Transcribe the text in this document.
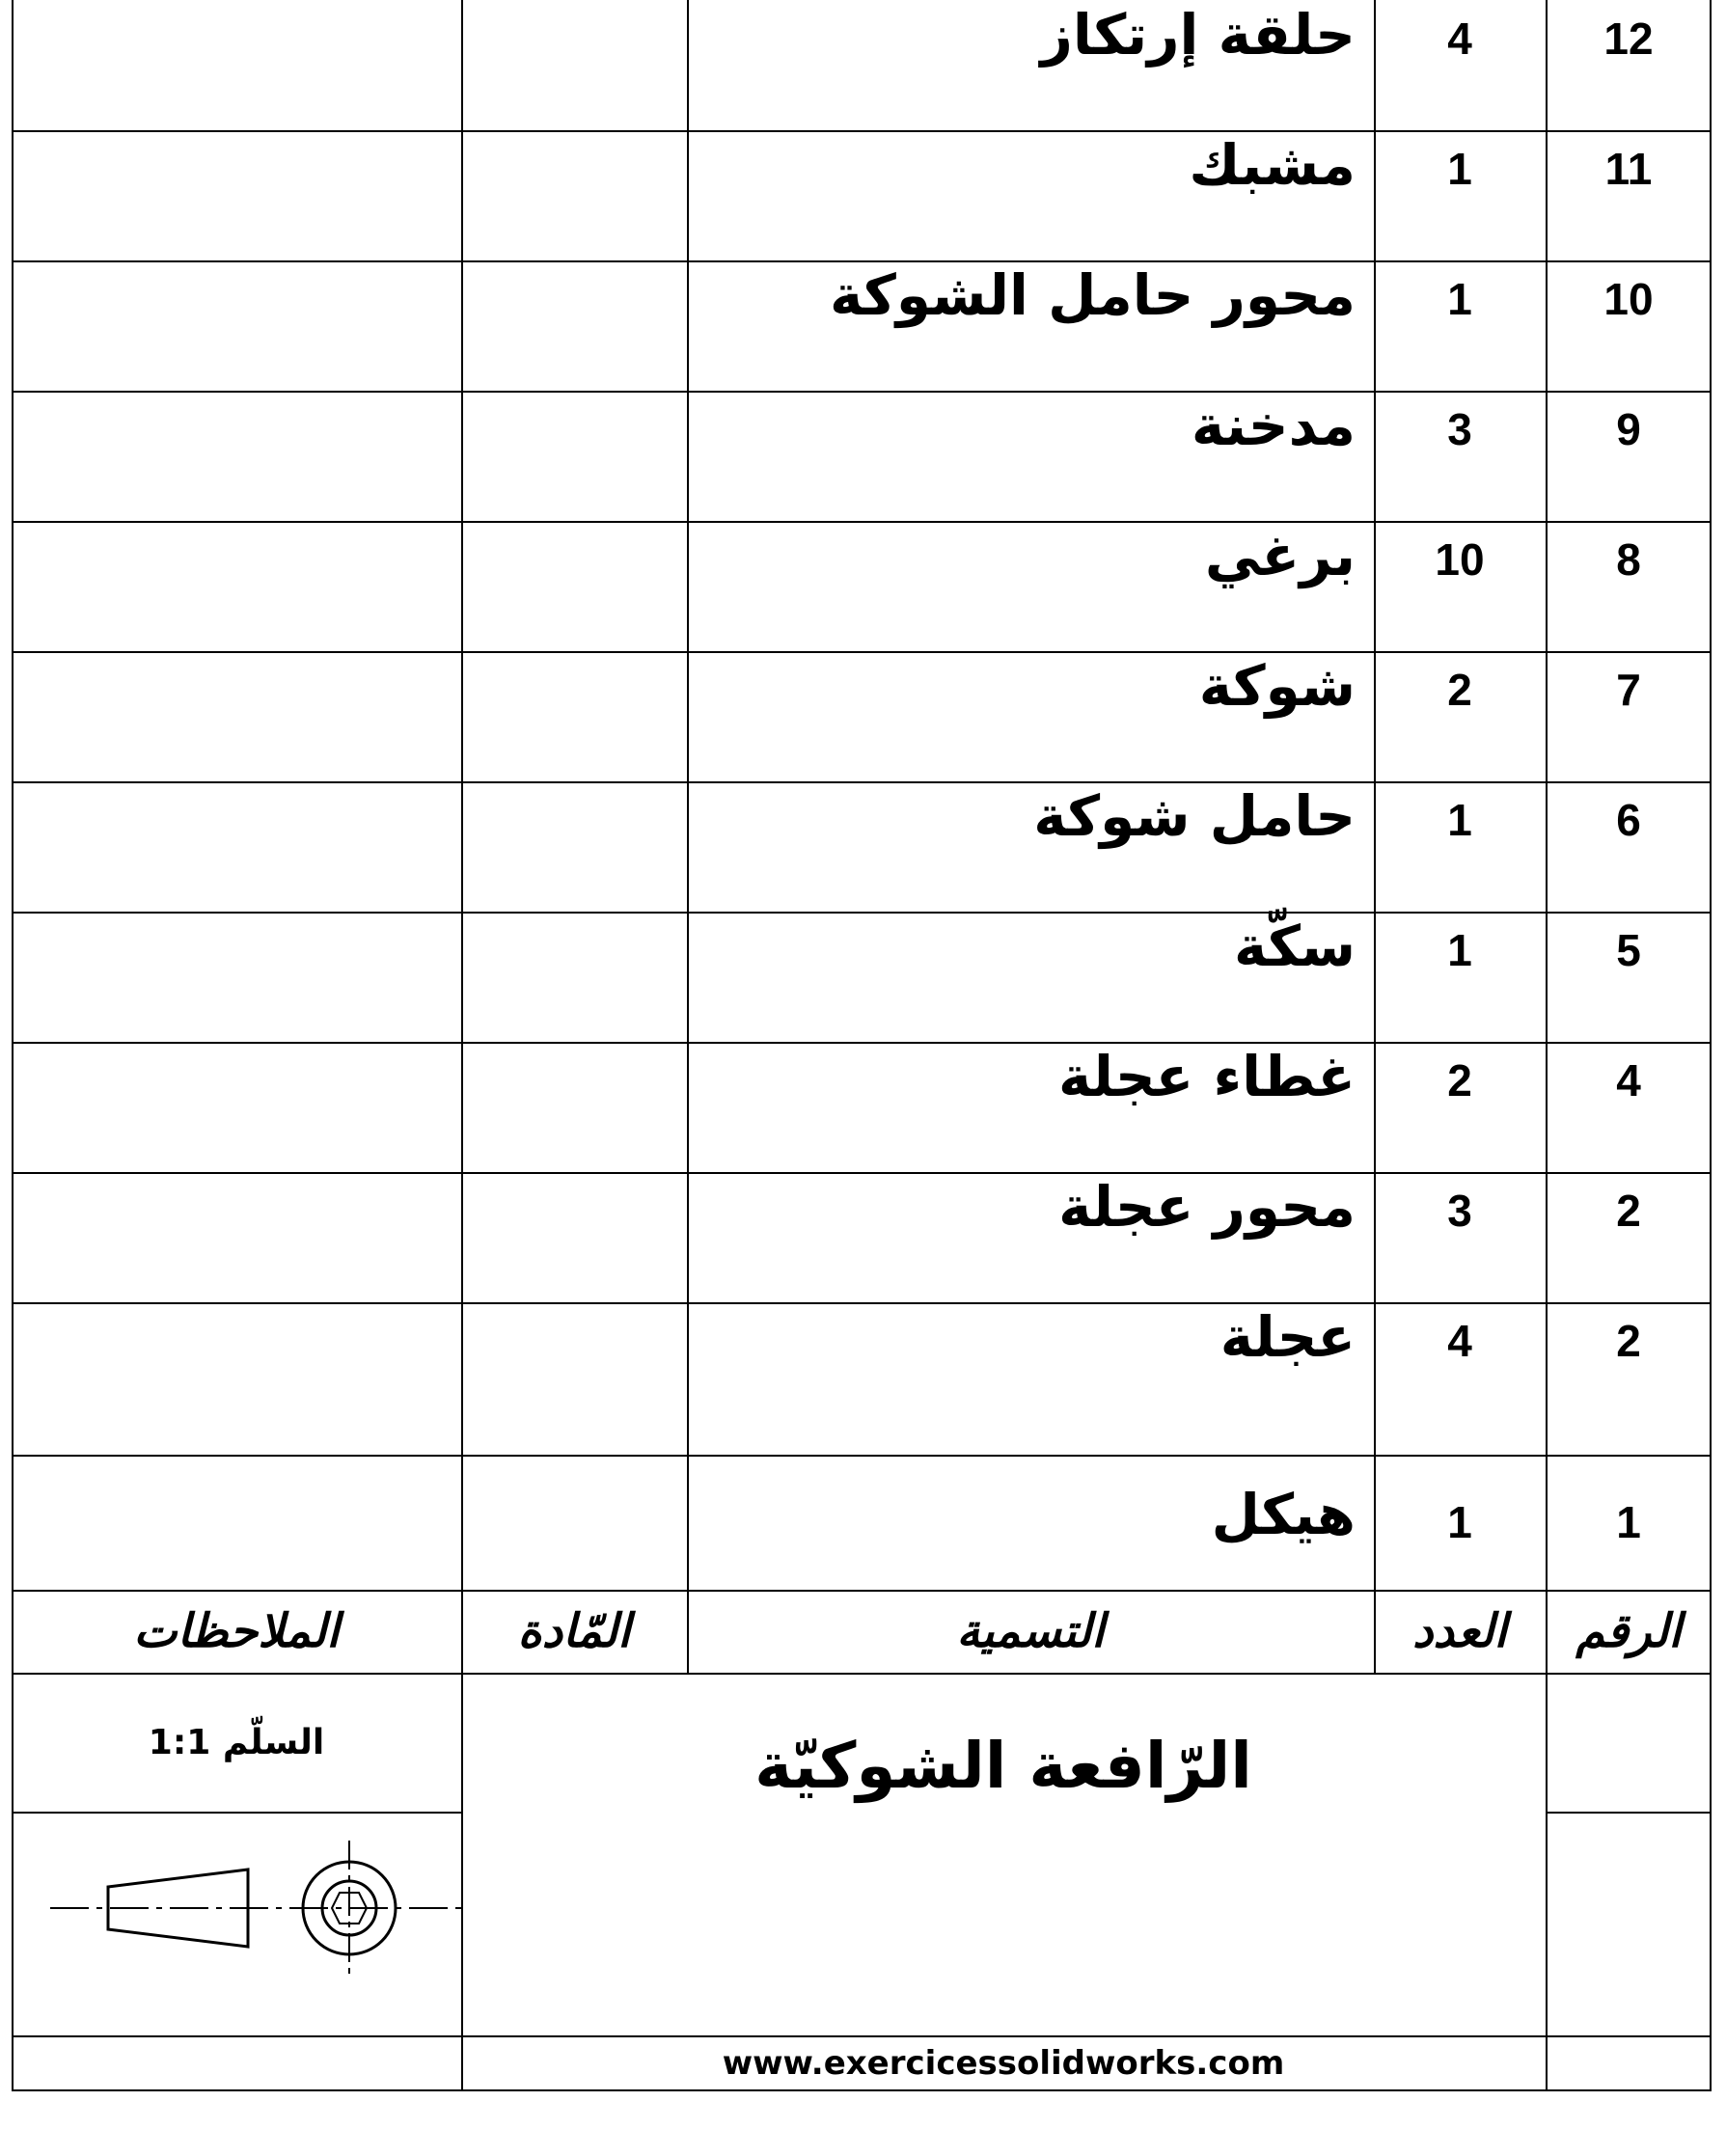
12
4
حلقة إرتكاز
11
1
مشبك
10
1
محور حامل الشوكة
9
3
مدخنة
8
10
برغي
7
2
شوكة
6
1
حامل شوكة
5
1
سكّة
4
2
غطاء عجلة
2
3
محور عجلة
2
4
عجلة
1
1
هيكل
الرقم
العدد
التسمية
المّادة
الملاحظات
السلّم 1:1	الرّافعة الشوكيّة
www.exercicessolidworks.com
